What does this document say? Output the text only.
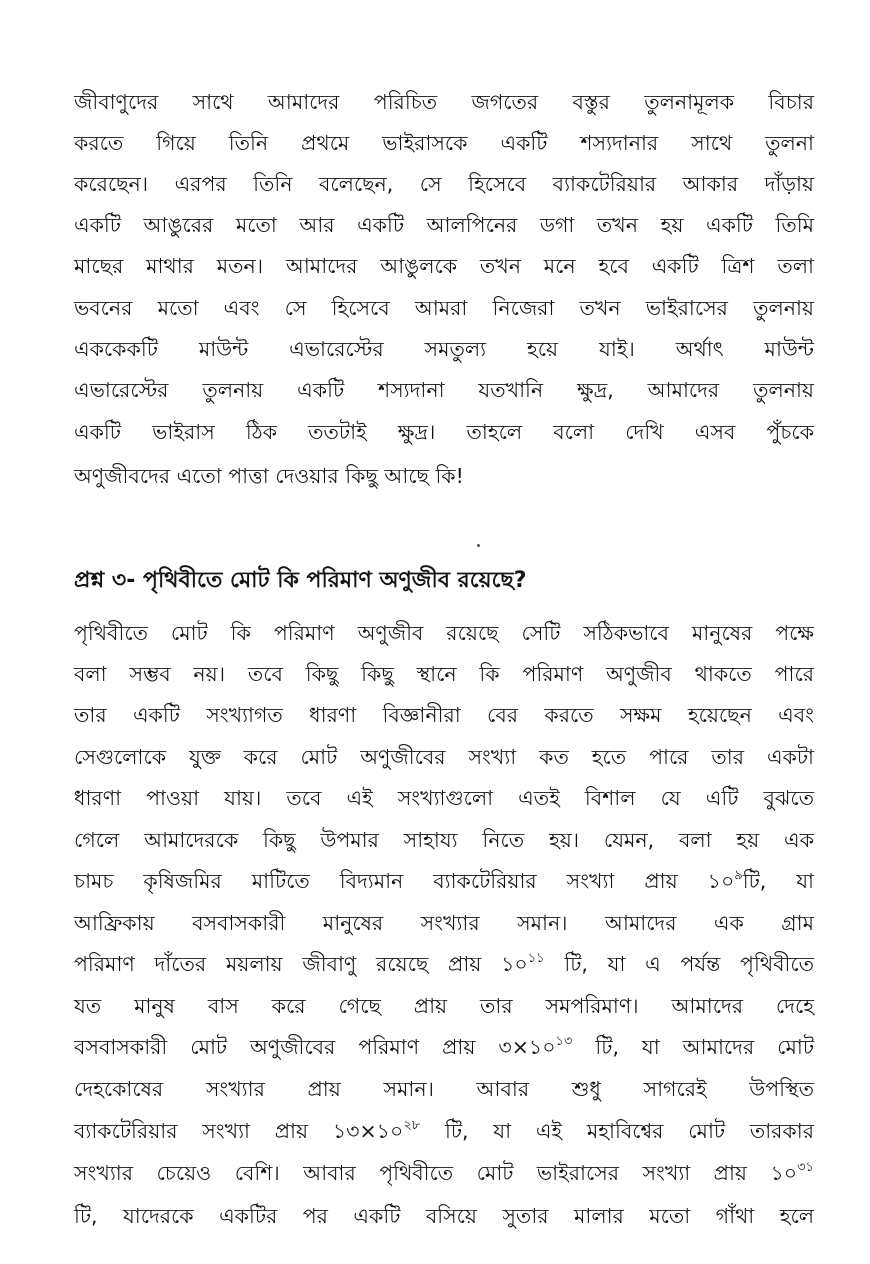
জীবাণুদের সাথে আমাদের পরিচিত জগতের বস্তুর তুলনামূলক বিচার
করতে গিয়ে তিনি প্রথমে ভাইরাসকে একটি শস্যদানার সাথে তুলনা
করেছেন। এরপর তিনি বলেছেন, সে হিসেবে ব্যাকটেরিয়ার আকার দাঁড়ায়
একটি আঙুরের মতো আর একটি আলপিনের ডগা তখন হয় একটি তিমি
মাছের মাথার মতন। আমাদের আঙুলকে তখন মনে হবে একটি ত্রিশ তলা
ভবনের মতো এবং সে হিসেবে আমরা নিজেরা তখন ভাইরাসের তুলনায়
এককেকটি মাউন্ট এভারেস্টের সমতুল্য হয়ে যাই। অর্থাৎ মাউন্ট
এভারেস্টের তুলনায় একটি শস্যদানা যতখানি ক্ষুদ্র, আমাদের তুলনায়
একটি ভাইরাস ঠিক ততটাই ক্ষুদ্র। তাহলে বলো দেখি এসব পুঁচকে
অণুজীবদের এতো পাত্তা দেওয়ার কিছু আছে কি!
প্রশ্ন ৩- পৃথিবীতে মোট কি পরিমাণ অণুজীব রয়েছে?
পৃথিবীতে মোট কি পরিমাণ অণুজীব রয়েছে সেটি সঠিকভাবে মানুষের পক্ষে
বলা সম্ভব নয়। তবে কিছু কিছু স্থানে কি পরিমাণ অণুজীব থাকতে পারে
তার একটি সংখ্যাগত ধারণা বিজ্ঞানীরা বের করতে সক্ষম হয়েছেন এবং
সেগুলোকে যুক্ত করে মোট অণুজীবের সংখ্যা কত হতে পারে তার একটা
ধারণা পাওয়া যায়। তবে এই সংখ্যাগুলো এতই বিশাল যে এটি বুঝতে
গেলে আমাদেরকে কিছু উপমার সাহায্য নিতে হয়। যেমন, বলা হয় এক
চামচ কৃষিজমির মাটিতে বিদ্যমান ব্যাকটেরিয়ার সংখ্যা প্রায় $১০^৯টি$, যা
আফ্রিকায় বসবাসকারী মানুষের সংখ্যার সমান। আমাদের এক গ্রাম
পরিমাণ দাঁতের ময়লায় জীবাণু রয়েছে প্রায় $১০^{১১}$ টি, যা এ পর্যন্ত পৃথিবীতে
যত মানুষ বাস করে গেছে প্রায় তার সমপরিমাণ। আমাদের দেহে
বসবাসকারী মোট অণুজীবের পরিমাণ প্রায় $৩\times ১০^{১৩}$ টি, যা আমাদের মোট
দেহকোষের সংখ্যার প্রায় সমান। আবার শুধু সাগরেই উপস্থিত
ব্যাকটেরিয়ার সংখ্যা প্রায় $১৩\times ১০^{২৮}$ টি, যা এই মহাবিশ্বের মোট তারকার
সংখ্যার চেয়েও বেশি। আবার পৃথিবীতে মোট ভাইরাসের সংখ্যা প্রায় $১০^{৩১}$
টি, যাদেরকে একটির পর একটি বসিয়ে সুতার মালার মতো গাঁথা হলে
